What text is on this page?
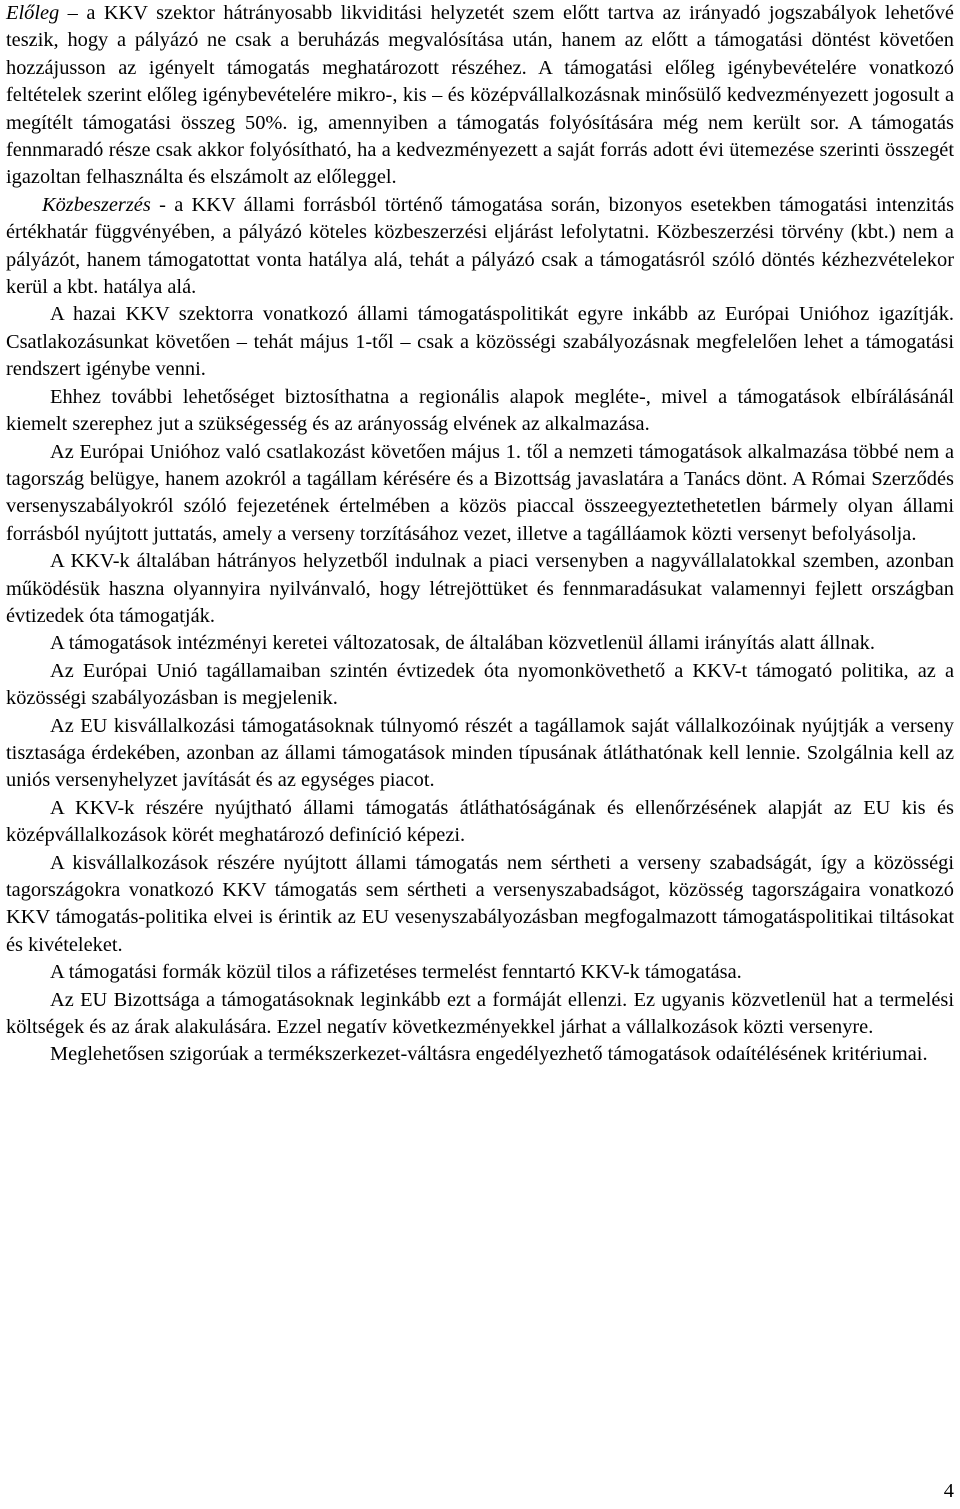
Előleg – a KKV szektor hátrányosabb likviditási helyzetét szem előtt tartva az irányadó jogszabályok lehetővé teszik, hogy a pályázó ne csak a beruházás megvalósítása után, hanem az előtt a támogatási döntést követően hozzájusson az igényelt támogatás meghatározott részéhez. A támogatási előleg igénybevételére vonatkozó feltételek szerint előleg igénybevételére mikro-, kis – és középvállalkozásnak minősülő kedvezményezett jogosult a megítélt támogatási összeg 50%. ig, amennyiben a támogatás folyósítására még nem került sor. A támogatás fennmaradó része csak akkor folyósítható, ha a kedvezményezett a saját forrás adott évi ütemezése szerinti összegét igazoltan felhasználta és elszámolt az előleggel.

Közbeszerzés - a KKV állami forrásból történő támogatása során, bizonyos esetekben támogatási intenzitás értékhatár függvényében, a pályázó köteles közbeszerzési eljárást lefolytatni. Közbeszerzési törvény (kbt.) nem a pályázót, hanem támogatottat vonta hatálya alá, tehát a pályázó csak a támogatásról szóló döntés kézhezvételekor kerül a kbt. hatálya alá.

A hazai KKV szektorra vonatkozó állami támogatáspolitikát egyre inkább az Európai Unióhoz igazítják. Csatlakozásunkat követően – tehát május 1-től – csak a közösségi szabályozásnak megfelelően lehet a támogatási rendszert igénybe venni.

Ehhez további lehetőséget biztosíthatna a regionális alapok megléte-, mivel a támogatások elbírálásánál kiemelt szerephez jut a szükségesség és az arányosság elvének az alkalmazása.

Az Európai Unióhoz való csatlakozást követően május 1. től a nemzeti támogatások alkalmazása többé nem a tagország belügye, hanem azokról a tagállam kérésére és a Bizottság javaslatára a Tanács dönt. A Római Szerződés versenyszabályokról szóló fejezetének értelmében a közös piaccal összeegyeztethetetlen bármely olyan állami forrásból nyújtott juttatás, amely a verseny torzításához vezet, illetve a tagálláamok közti versenyt befolyásolja.

A KKV-k általában hátrányos helyzetből indulnak a piaci versenyben a nagyvállalatokkal szemben, azonban működésük haszna olyannyira nyilvánvaló, hogy létrejöttüket és fennmaradásukat valamennyi fejlett országban évtizedek óta támogatják.

A támogatások intézményi keretei változatosak, de általában közvetlenül állami irányítás alatt állnak.

Az Európai Unió tagállamaiban szintén évtizedek óta nyomonkövethető a KKV-t támogató politika, az a közösségi szabályozásban is megjelenik.

Az EU kisvállalkozási támogatásoknak túlnyomó részét a tagállamok saját vállalkozóinak nyújtják a verseny tisztasága érdekében, azonban az állami támogatások minden típusának átláthatónak kell lennie. Szolgálnia kell az uniós versenyhelyzet javítását és az egységes piacot.

A KKV-k részére nyújtható állami támogatás átláthatóságának és ellenőrzésének alapját az EU kis és középvállalkozások körét meghatározó definíció képezi.

A kisvállalkozások részére nyújtott állami támogatás nem sértheti a verseny szabadságát, így a közösségi tagországokra vonatkozó KKV támogatás sem sértheti a versenyszabadságot, közösség tagországaira vonatkozó KKV támogatás-politika elvei is érintik az EU vesenyszabályozásban megfogalmazott támogatáspolitikai tiltásokat és kivételeket.

A támogatási formák közül tilos a ráfizetéses termelést fenntartó KKV-k támogatása.

Az EU Bizottsága a támogatásoknak leginkább ezt a formáját ellenzi. Ez ugyanis közvetlenül hat a termelési költségek és az árak alakulására. Ezzel negatív következményekkel járhat a vállalkozások közti versenyre.

Meglehetősen szigorúak a termékszerkezet-váltásra engedélyezhető támogatások odaítélésének kritériumai.

4
